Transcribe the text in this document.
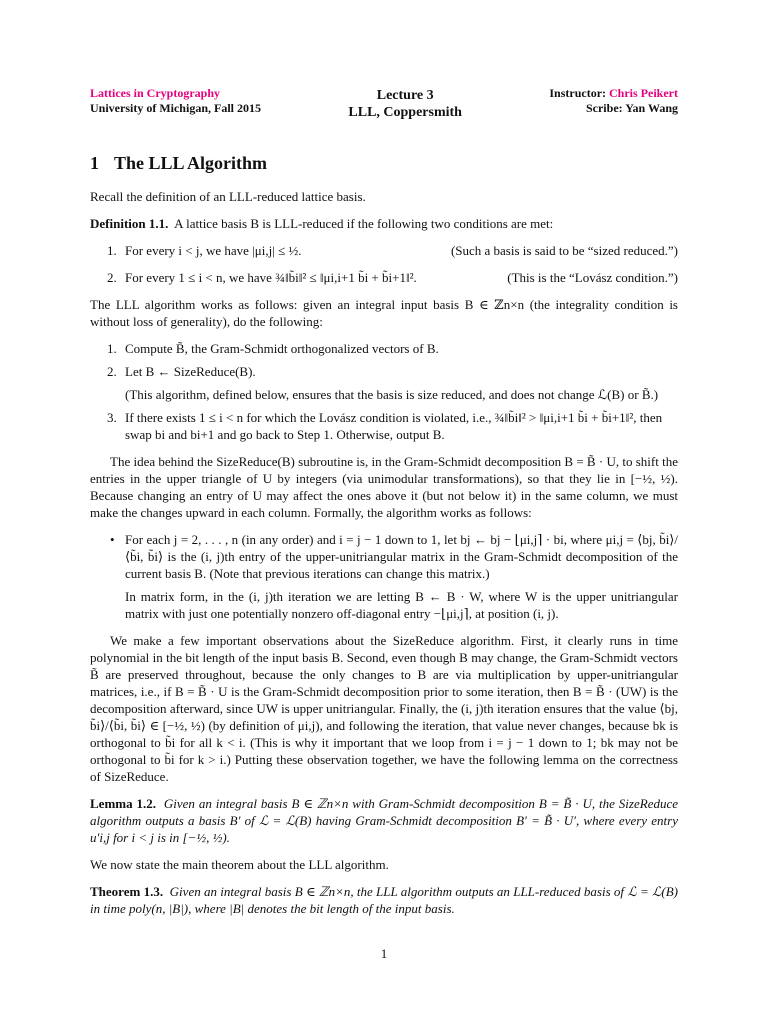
Lattices in Cryptography
University of Michigan, Fall 2015
Lecture 3
LLL, Coppersmith
Instructor: Chris Peikert
Scribe: Yan Wang
1 The LLL Algorithm

Recall the definition of an LLL-reduced lattice basis.

Definition 1.1. A lattice basis B is LLL-reduced if the following two conditions are met:

1. For every i < j, we have |μi,j| ≤ ½.	(Such a basis is said to be “sized reduced.”)
2. For every 1 ≤ i < n, we have ¾‖b̃i‖² ≤ ‖μi,i+1 b̃i + b̃i+1‖².	(This is the “Lovász condition.”)

The LLL algorithm works as follows: given an integral input basis B ∈ ℤn×n (the integrality condition is without loss of generality), do the following:

1. Compute B̃, the Gram-Schmidt orthogonalized vectors of B.
2. Let B ← SizeReduce(B).
(This algorithm, defined below, ensures that the basis is size reduced, and does not change ℒ(B) or B̃.)
3. If there exists 1 ≤ i < n for which the Lovász condition is violated, i.e., ¾‖b̃i‖² > ‖μi,i+1 b̃i + b̃i+1‖², then swap bi and bi+1 and go back to Step 1. Otherwise, output B.

The idea behind the SizeReduce(B) subroutine is, in the Gram-Schmidt decomposition B = B̃ · U, to shift the entries in the upper triangle of U by integers (via unimodular transformations), so that they lie in [−½, ½). Because changing an entry of U may affect the ones above it (but not below it) in the same column, we must make the changes upward in each column. Formally, the algorithm works as follows:

• For each j = 2, . . . , n (in any order) and i = j − 1 down to 1, let bj ← bj − ⌊μi,j⌉ · bi, where μi,j = ⟨bj, b̃i⟩/⟨b̃i, b̃i⟩ is the (i, j)th entry of the upper-unitriangular matrix in the Gram-Schmidt decomposition of the current basis B. (Note that previous iterations can change this matrix.)
In matrix form, in the (i, j)th iteration we are letting B ← B · W, where W is the upper unitriangular matrix with just one potentially nonzero off-diagonal entry −⌊μi,j⌉, at position (i, j).

We make a few important observations about the SizeReduce algorithm. First, it clearly runs in time polynomial in the bit length of the input basis B. Second, even though B may change, the Gram-Schmidt vectors B̃ are preserved throughout, because the only changes to B are via multiplication by upper-unitriangular matrices, i.e., if B = B̃ · U is the Gram-Schmidt decomposition prior to some iteration, then B = B̃ · (UW) is the decomposition afterward, since UW is upper unitriangular. Finally, the (i, j)th iteration ensures that the value ⟨bj, b̃i⟩/⟨b̃i, b̃i⟩ ∈ [−½, ½) (by definition of μi,j), and following the iteration, that value never changes, because bk is orthogonal to b̃i for all k < i. (This is why it important that we loop from i = j − 1 down to 1; bk may not be orthogonal to b̃i for k > i.) Putting these observation together, we have the following lemma on the correctness of SizeReduce.

Lemma 1.2. Given an integral basis B ∈ ℤn×n with Gram-Schmidt decomposition B = B̃ · U, the SizeReduce algorithm outputs a basis B′ of ℒ = ℒ(B) having Gram-Schmidt decomposition B′ = B̃ · U′, where every entry u′i,j for i < j is in [−½, ½).

We now state the main theorem about the LLL algorithm.

Theorem 1.3. Given an integral basis B ∈ ℤn×n, the LLL algorithm outputs an LLL-reduced basis of ℒ = ℒ(B) in time poly(n, |B|), where |B| denotes the bit length of the input basis.

1
